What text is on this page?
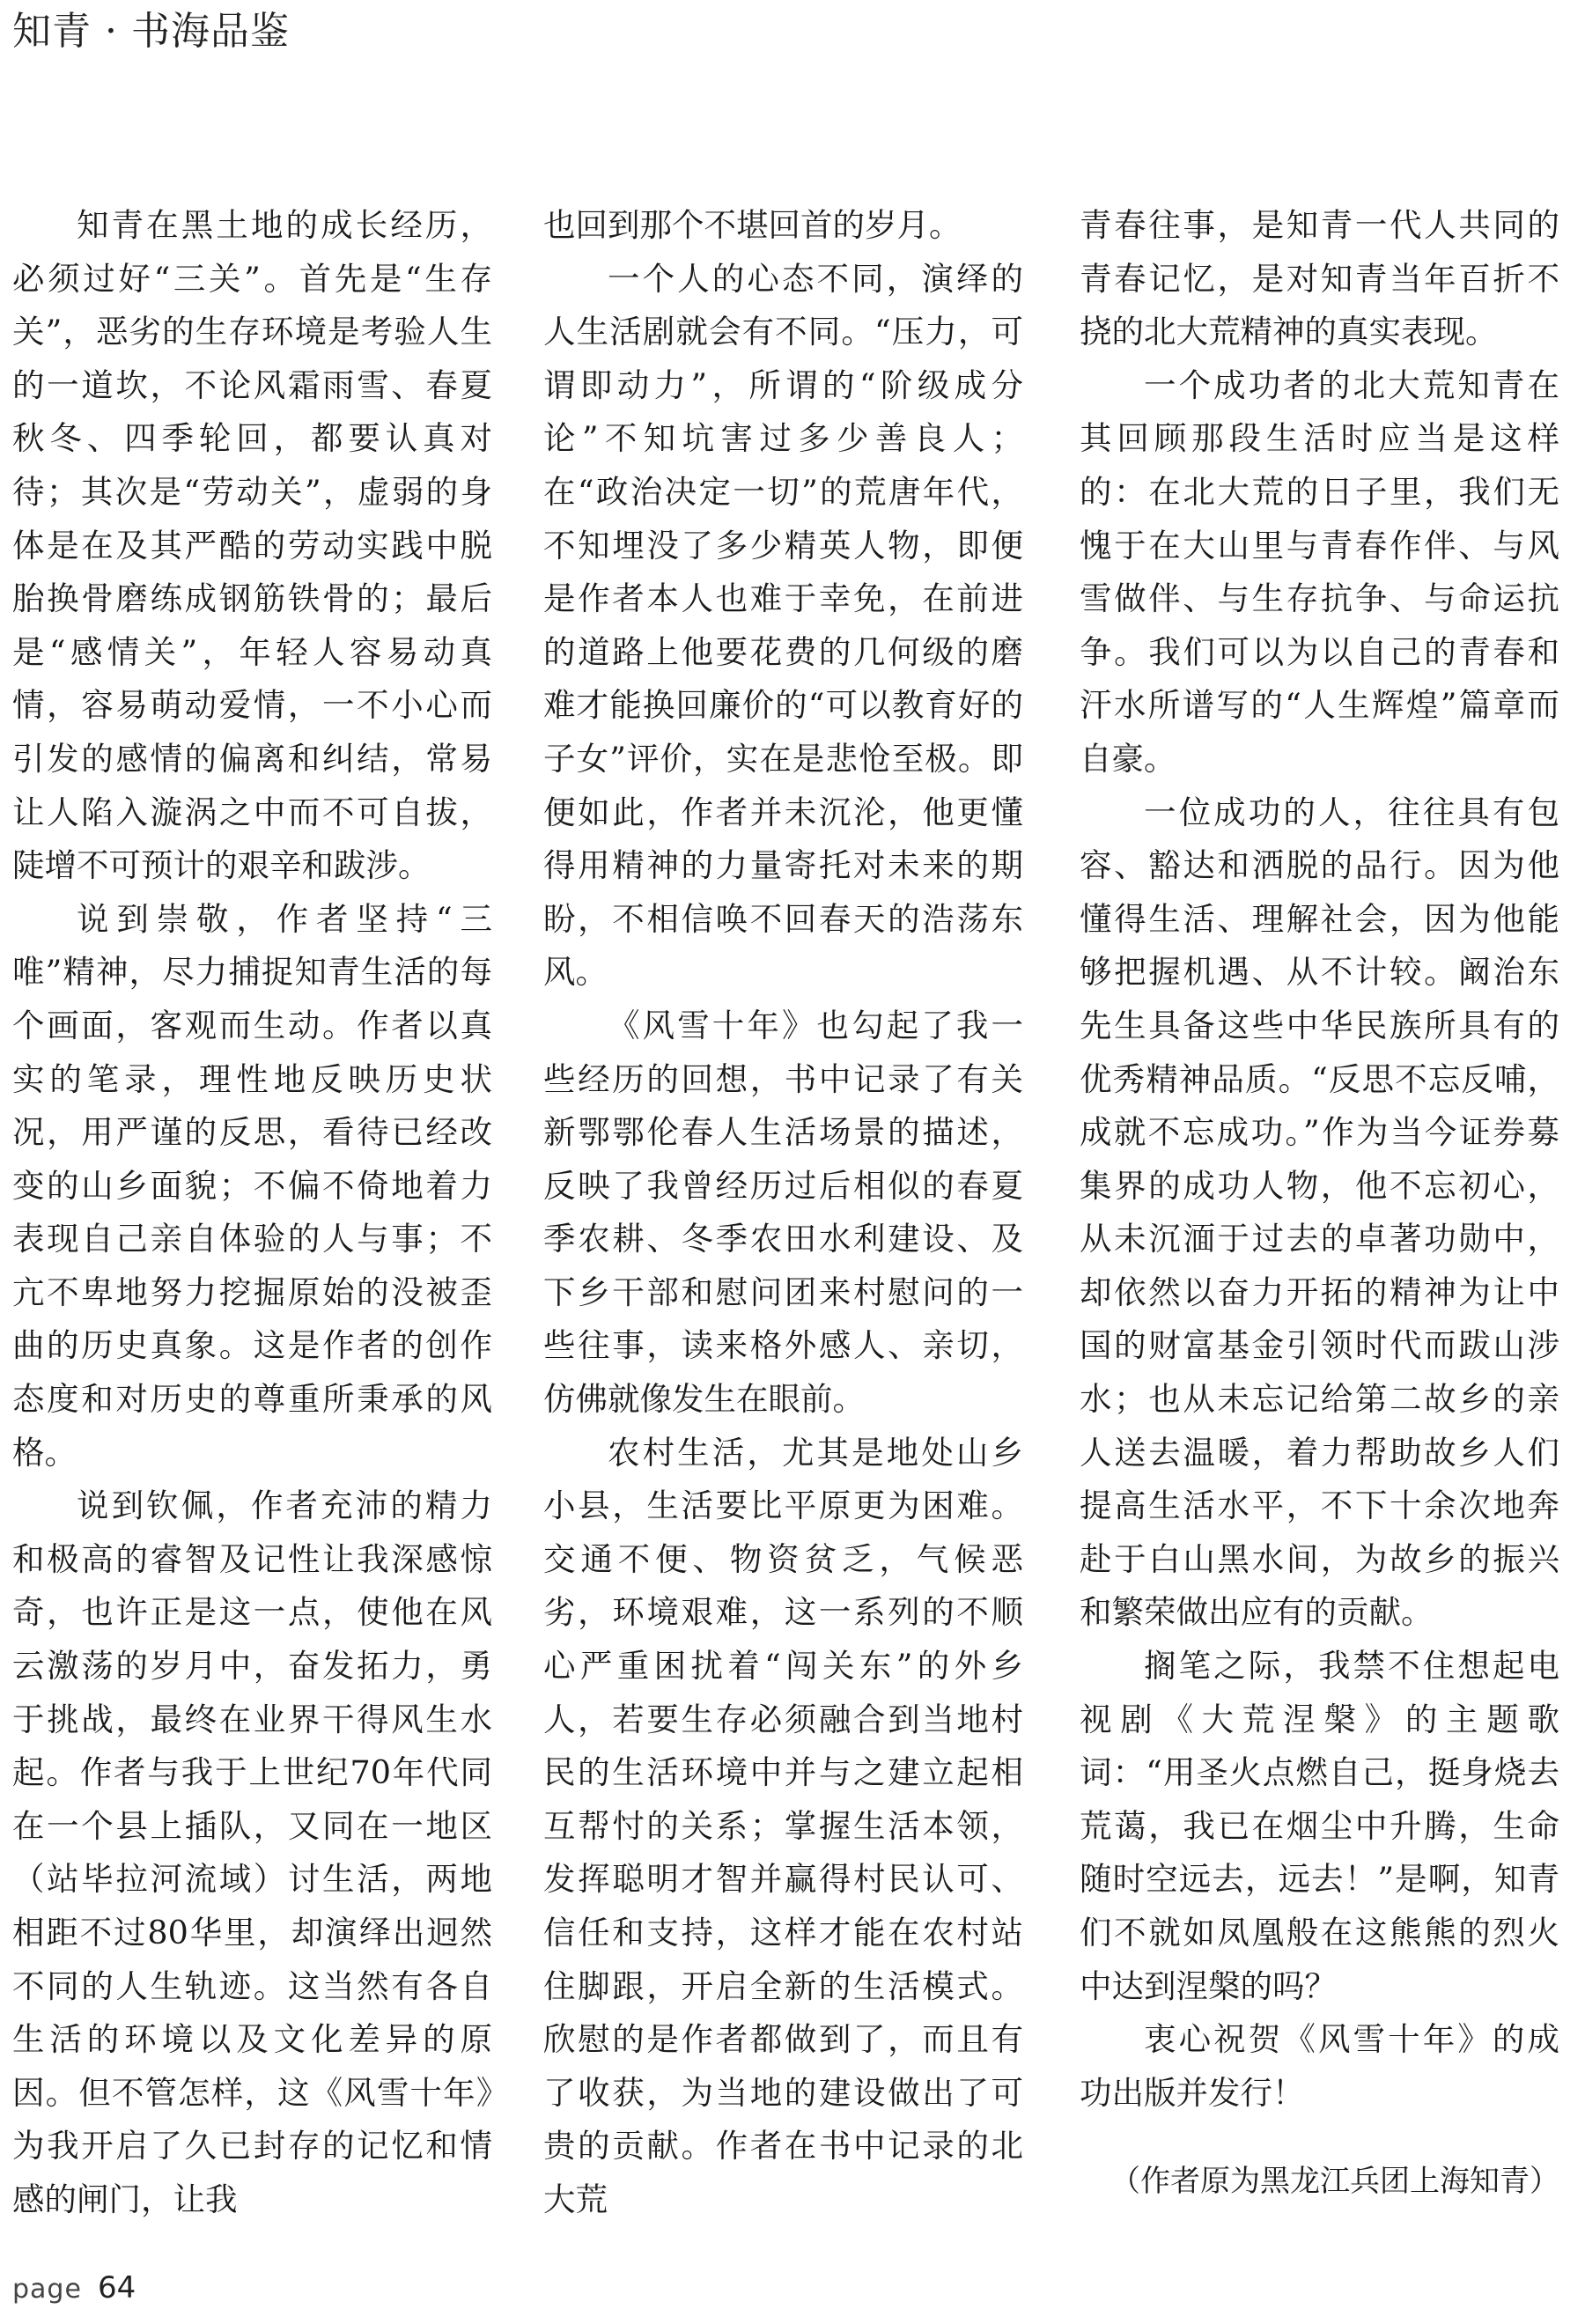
知青 · 书海品鉴

知青在黑土地的成长经历，必须过好“三关”。首先是“生存关”，恶劣的生存环境是考验人生的一道坎，不论风霜雨雪、春夏秋冬、四季轮回，都要认真对待；其次是“劳动关”，虚弱的身体是在及其严酷的劳动实践中脱胎换骨磨练成钢筋铁骨的；最后是“感情关”，年轻人容易动真情，容易萌动爱情，一不小心而引发的感情的偏离和纠结，常易让人陷入漩涡之中而不可自拔，陡增不可预计的艰辛和跋涉。

说到崇敬，作者坚持“三唯”精神，尽力捕捉知青生活的每个画面，客观而生动。作者以真实的笔录，理性地反映历史状况，用严谨的反思，看待已经改变的山乡面貌；不偏不倚地着力表现自己亲自体验的人与事；不亢不卑地努力挖掘原始的没被歪曲的历史真象。这是作者的创作态度和对历史的尊重所秉承的风格。

说到钦佩，作者充沛的精力和极高的睿智及记性让我深感惊奇，也许正是这一点，使他在风云激荡的岁月中，奋发拓力，勇于挑战，最终在业界干得风生水起。作者与我于上世纪70年代同在一个县上插队，又同在一地区（站毕拉河流域）讨生活，两地相距不过80华里，却演绎出迥然不同的人生轨迹。这当然有各自生活的环境以及文化差异的原因。但不管怎样，这《风雪十年》为我开启了久已封存的记忆和情感的闸门，让我

也回到那个不堪回首的岁月。

一个人的心态不同，演绎的人生活剧就会有不同。“压力，可谓即动力”，所谓的“阶级成分论”不知坑害过多少善良人；在“政治决定一切”的荒唐年代，不知埋没了多少精英人物，即便是作者本人也难于幸免，在前进的道路上他要花费的几何级的磨难才能换回廉价的“可以教育好的子女”评价，实在是悲怆至极。即便如此，作者并未沉沦，他更懂得用精神的力量寄托对未来的期盼，不相信唤不回春天的浩荡东风。

《风雪十年》也勾起了我一些经历的回想，书中记录了有关新鄂鄂伦春人生活场景的描述，反映了我曾经历过后相似的春夏季农耕、冬季农田水利建设、及下乡干部和慰问团来村慰问的一些往事，读来格外感人、亲切，仿佛就像发生在眼前。

农村生活，尤其是地处山乡小县，生活要比平原更为困难。交通不便、物资贫乏，气候恶劣，环境艰难，这一系列的不顺心严重困扰着“闯关东”的外乡人，若要生存必须融合到当地村民的生活环境中并与之建立起相互帮忖的关系；掌握生活本领，发挥聪明才智并赢得村民认可、信任和支持，这样才能在农村站住脚跟，开启全新的生活模式。欣慰的是作者都做到了，而且有了收获，为当地的建设做出了可贵的贡献。作者在书中记录的北大荒

青春往事，是知青一代人共同的青春记忆，是对知青当年百折不挠的北大荒精神的真实表现。

一个成功者的北大荒知青在其回顾那段生活时应当是这样的：在北大荒的日子里，我们无愧于在大山里与青春作伴、与风雪做伴、与生存抗争、与命运抗争。我们可以为以自己的青春和汗水所谱写的“人生辉煌”篇章而自豪。

一位成功的人，往往具有包容、豁达和洒脱的品行。因为他懂得生活、理解社会，因为他能够把握机遇、从不计较。阚治东先生具备这些中华民族所具有的优秀精神品质。“反思不忘反哺，成就不忘成功。”作为当今证券募集界的成功人物，他不忘初心，从未沉湎于过去的卓著功勋中，却依然以奋力开拓的精神为让中国的财富基金引领时代而跋山涉水；也从未忘记给第二故乡的亲人送去温暖，着力帮助故乡人们提高生活水平，不下十余次地奔赴于白山黑水间，为故乡的振兴和繁荣做出应有的贡献。

搁笔之际，我禁不住想起电视剧《大荒涅槃》的主题歌词：“用圣火点燃自己，挺身烧去荒蔼，我已在烟尘中升腾，生命随时空远去，远去！”是啊，知青们不就如凤凰般在这熊熊的烈火中达到涅槃的吗？

衷心祝贺《风雪十年》的成功出版并发行！

（作者原为黑龙江兵团上海知青）

page 64
